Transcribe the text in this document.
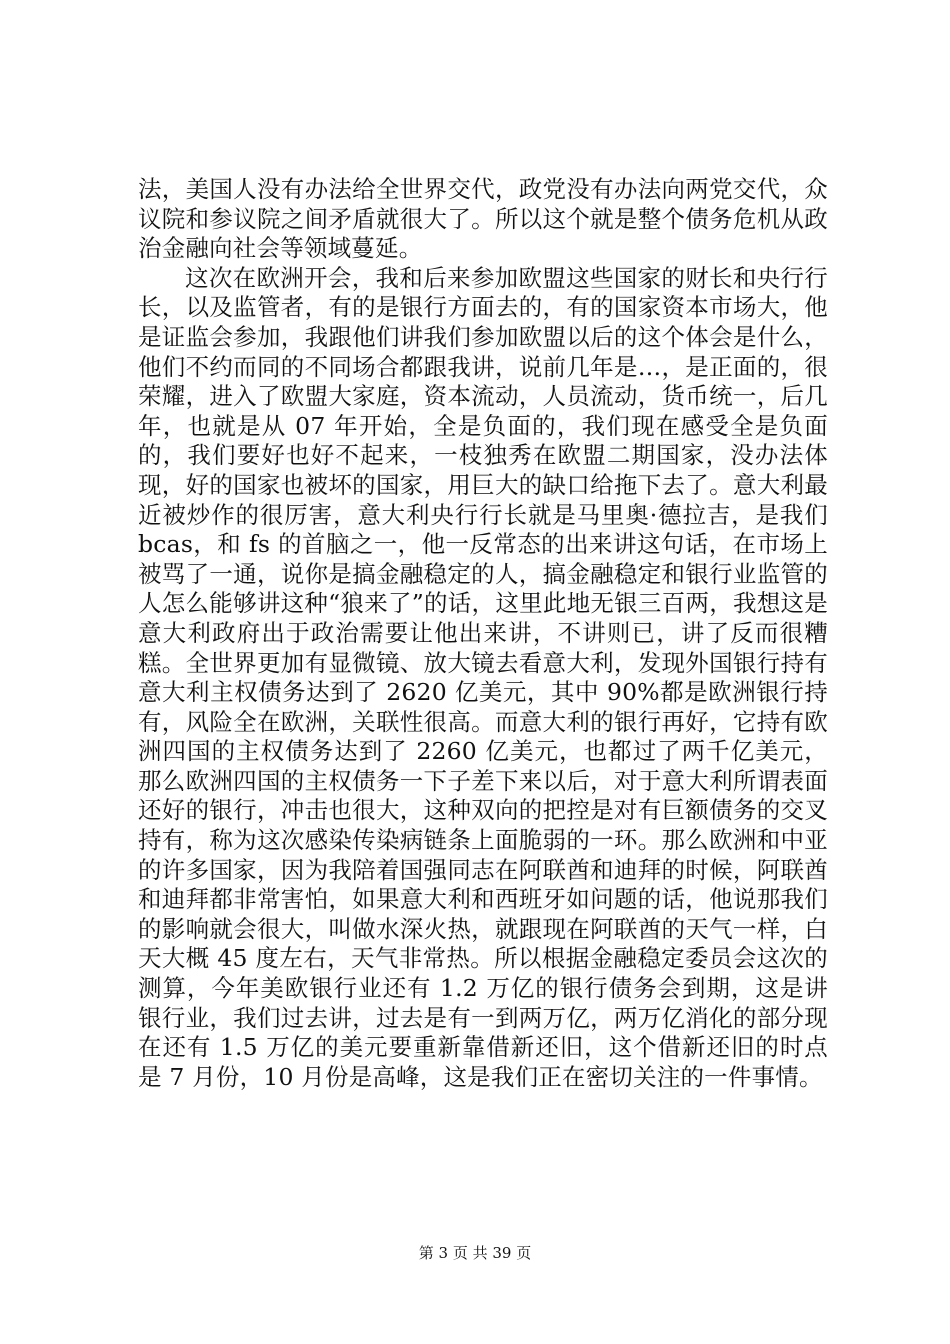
法，美国人没有办法给全世界交代，政党没有办法向两党交代，众议院和参议院之间矛盾就很大了。所以这个就是整个债务危机从政治金融向社会等领域蔓延。

这次在欧洲开会，我和后来参加欧盟这些国家的财长和央行行长，以及监管者，有的是银行方面去的，有的国家资本市场大，他是证监会参加，我跟他们讲我们参加欧盟以后的这个体会是什么，他们不约而同的不同场合都跟我讲，说前几年是…，是正面的，很荣耀，进入了欧盟大家庭，资本流动，人员流动，货币统一，后几年，也就是从 07 年开始，全是负面的，我们现在感受全是负面的，我们要好也好不起来，一枝独秀在欧盟二期国家，没办法体现，好的国家也被坏的国家，用巨大的缺口给拖下去了。意大利最近被炒作的很厉害，意大利央行行长就是马里奥·德拉吉，是我们 bcas，和 fs 的首脑之一，他一反常态的出来讲这句话，在市场上被骂了一通，说你是搞金融稳定的人，搞金融稳定和银行业监管的人怎么能够讲这种“狼来了”的话，这里此地无银三百两，我想这是意大利政府出于政治需要让他出来讲，不讲则已，讲了反而很糟糕。全世界更加有显微镜、放大镜去看意大利，发现外国银行持有意大利主权债务达到了 2620 亿美元，其中 90%都是欧洲银行持有，风险全在欧洲，关联性很高。而意大利的银行再好，它持有欧洲四国的主权债务达到了 2260 亿美元，也都过了两千亿美元，那么欧洲四国的主权债务一下子差下来以后，对于意大利所谓表面还好的银行，冲击也很大，这种双向的把控是对有巨额债务的交叉持有，称为这次感染传染病链条上面脆弱的一环。那么欧洲和中亚的许多国家，因为我陪着国强同志在阿联酋和迪拜的时候，阿联酋和迪拜都非常害怕，如果意大利和西班牙如问题的话，他说那我们的影响就会很大，叫做水深火热，就跟现在阿联酋的天气一样，白天大概 45 度左右，天气非常热。所以根据金融稳定委员会这次的测算，今年美欧银行业还有 1.2 万亿的银行债务会到期，这是讲银行业，我们过去讲，过去是有一到两万亿，两万亿消化的部分现在还有 1.5 万亿的美元要重新靠借新还旧，这个借新还旧的时点是 7 月份，10 月份是高峰，这是我们正在密切关注的一件事情。

第 3 页 共 39 页
